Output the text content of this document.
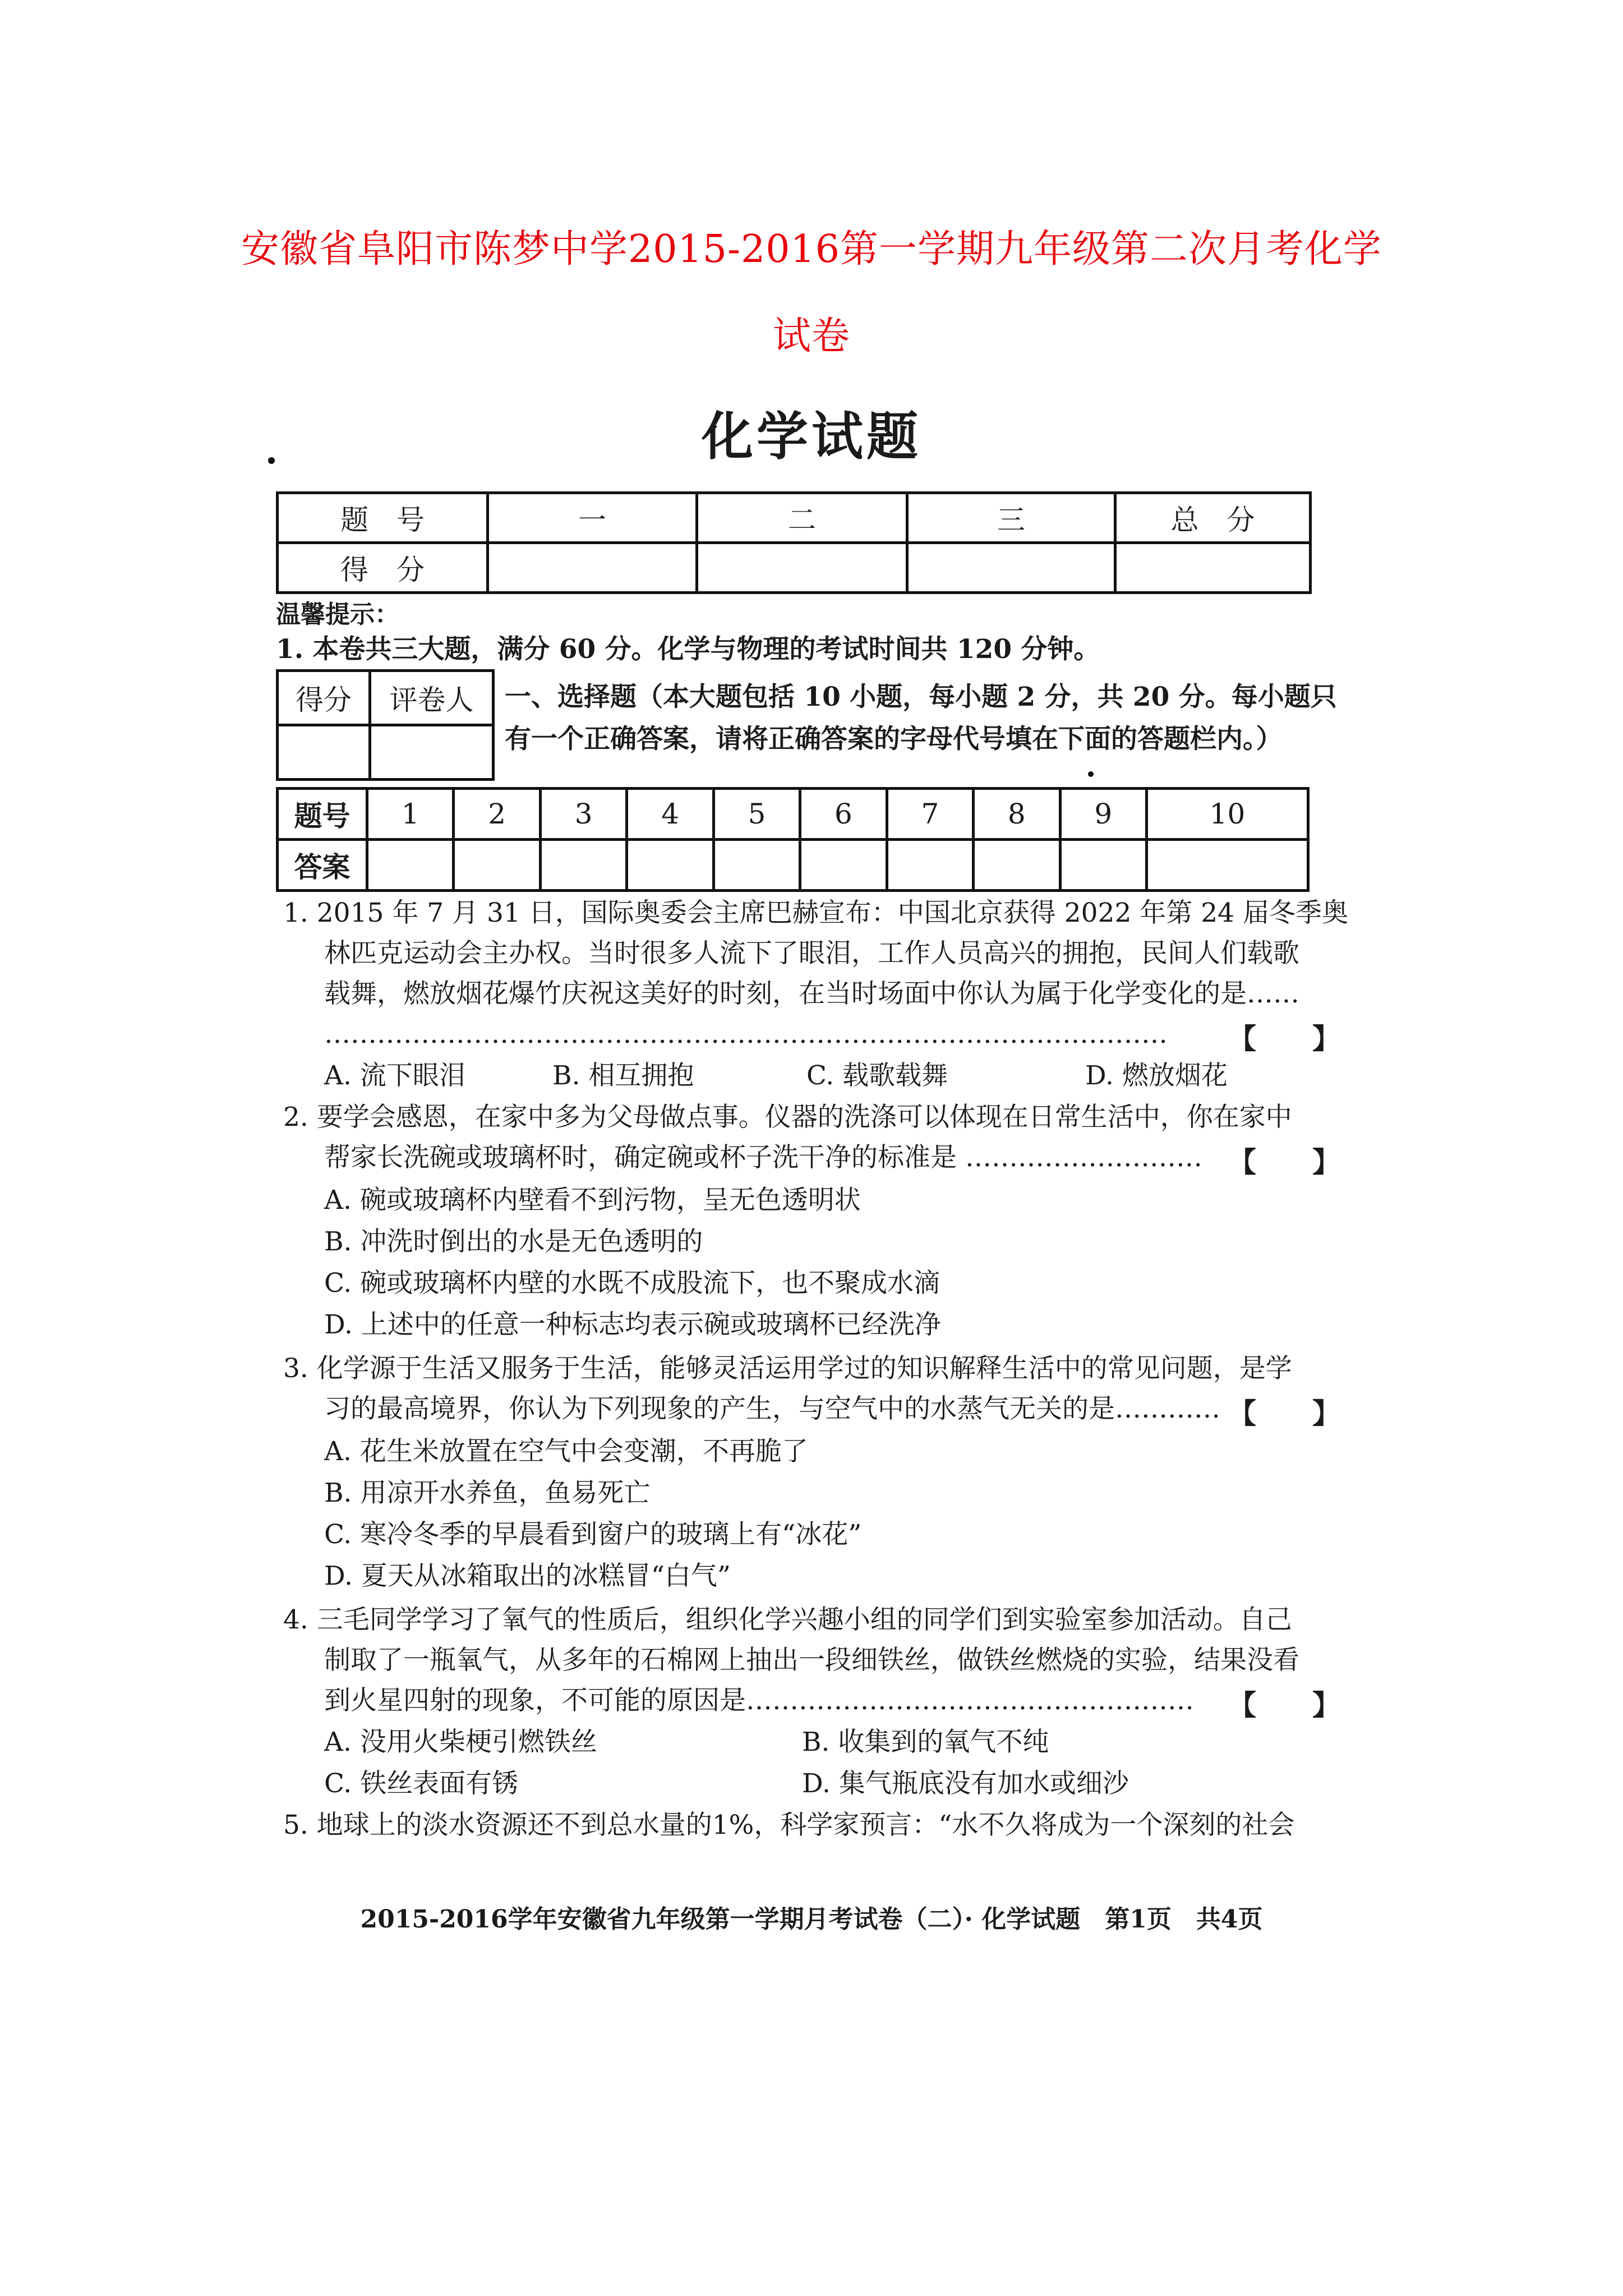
安徽省阜阳市陈梦中学2015-2016第一学期九年级第二次月考化学
试卷
化学试题
题　号	一	二	三	总　分
得　分				
温馨提示：
1. 本卷共三大题，满分 60 分。化学与物理的考试时间共 120 分钟。
得分	评卷人
	一、选择题（本大题包括 10 小题，每小题 2 分，共 20 分。每小题只
有一个正确答案，请将正确答案的字母代号填在下面的答题栏内。）
题号	1	2	3	4	5	6	7	8	9	10
答案										
1. 2015 年 7 月 31 日，国际奥委会主席巴赫宣布：中国北京获得 2022 年第 24 届冬季奥
林匹克运动会主办权。当时很多人流下了眼泪，工作人员高兴的拥抱，民间人们载歌
载舞，燃放烟花爆竹庆祝这美好的时刻，在当时场面中你认为属于化学变化的是……
…………………………………………………………………………………… 【　　】
A. 流下眼泪	B. 相互拥抱	C. 载歌载舞	D. 燃放烟花
2. 要学会感恩，在家中多为父母做点事。仪器的洗涤可以体现在日常生活中，你在家中
帮家长洗碗或玻璃杯时，确定碗或杯子洗干净的标准是 ……………………… 【　　】
A. 碗或玻璃杯内壁看不到污物，呈无色透明状
B. 冲洗时倒出的水是无色透明的
C. 碗或玻璃杯内壁的水既不成股流下，也不聚成水滴
D. 上述中的任意一种标志均表示碗或玻璃杯已经洗净
3. 化学源于生活又服务于生活，能够灵活运用学过的知识解释生活中的常见问题，是学
习的最高境界，你认为下列现象的产生，与空气中的水蒸气无关的是………… 【　　】
A. 花生米放置在空气中会变潮，不再脆了
B. 用凉开水养鱼，鱼易死亡
C. 寒冷冬季的早晨看到窗户的玻璃上有“冰花”
D. 夏天从冰箱取出的冰糕冒“白气”
4. 三毛同学学习了氧气的性质后，组织化学兴趣小组的同学们到实验室参加活动。自己
制取了一瓶氧气，从多年的石棉网上抽出一段细铁丝，做铁丝燃烧的实验，结果没看
到火星四射的现象，不可能的原因是…………………………………………… 【　　】
A. 没用火柴梗引燃铁丝	B. 收集到的氧气不纯
C. 铁丝表面有锈	D. 集气瓶底没有加水或细沙
5. 地球上的淡水资源还不到总水量的1%，科学家预言：“水不久将成为一个深刻的社会
2015-2016学年安徽省九年级第一学期月考试卷（二）· 化学试题　第1页　共4页
